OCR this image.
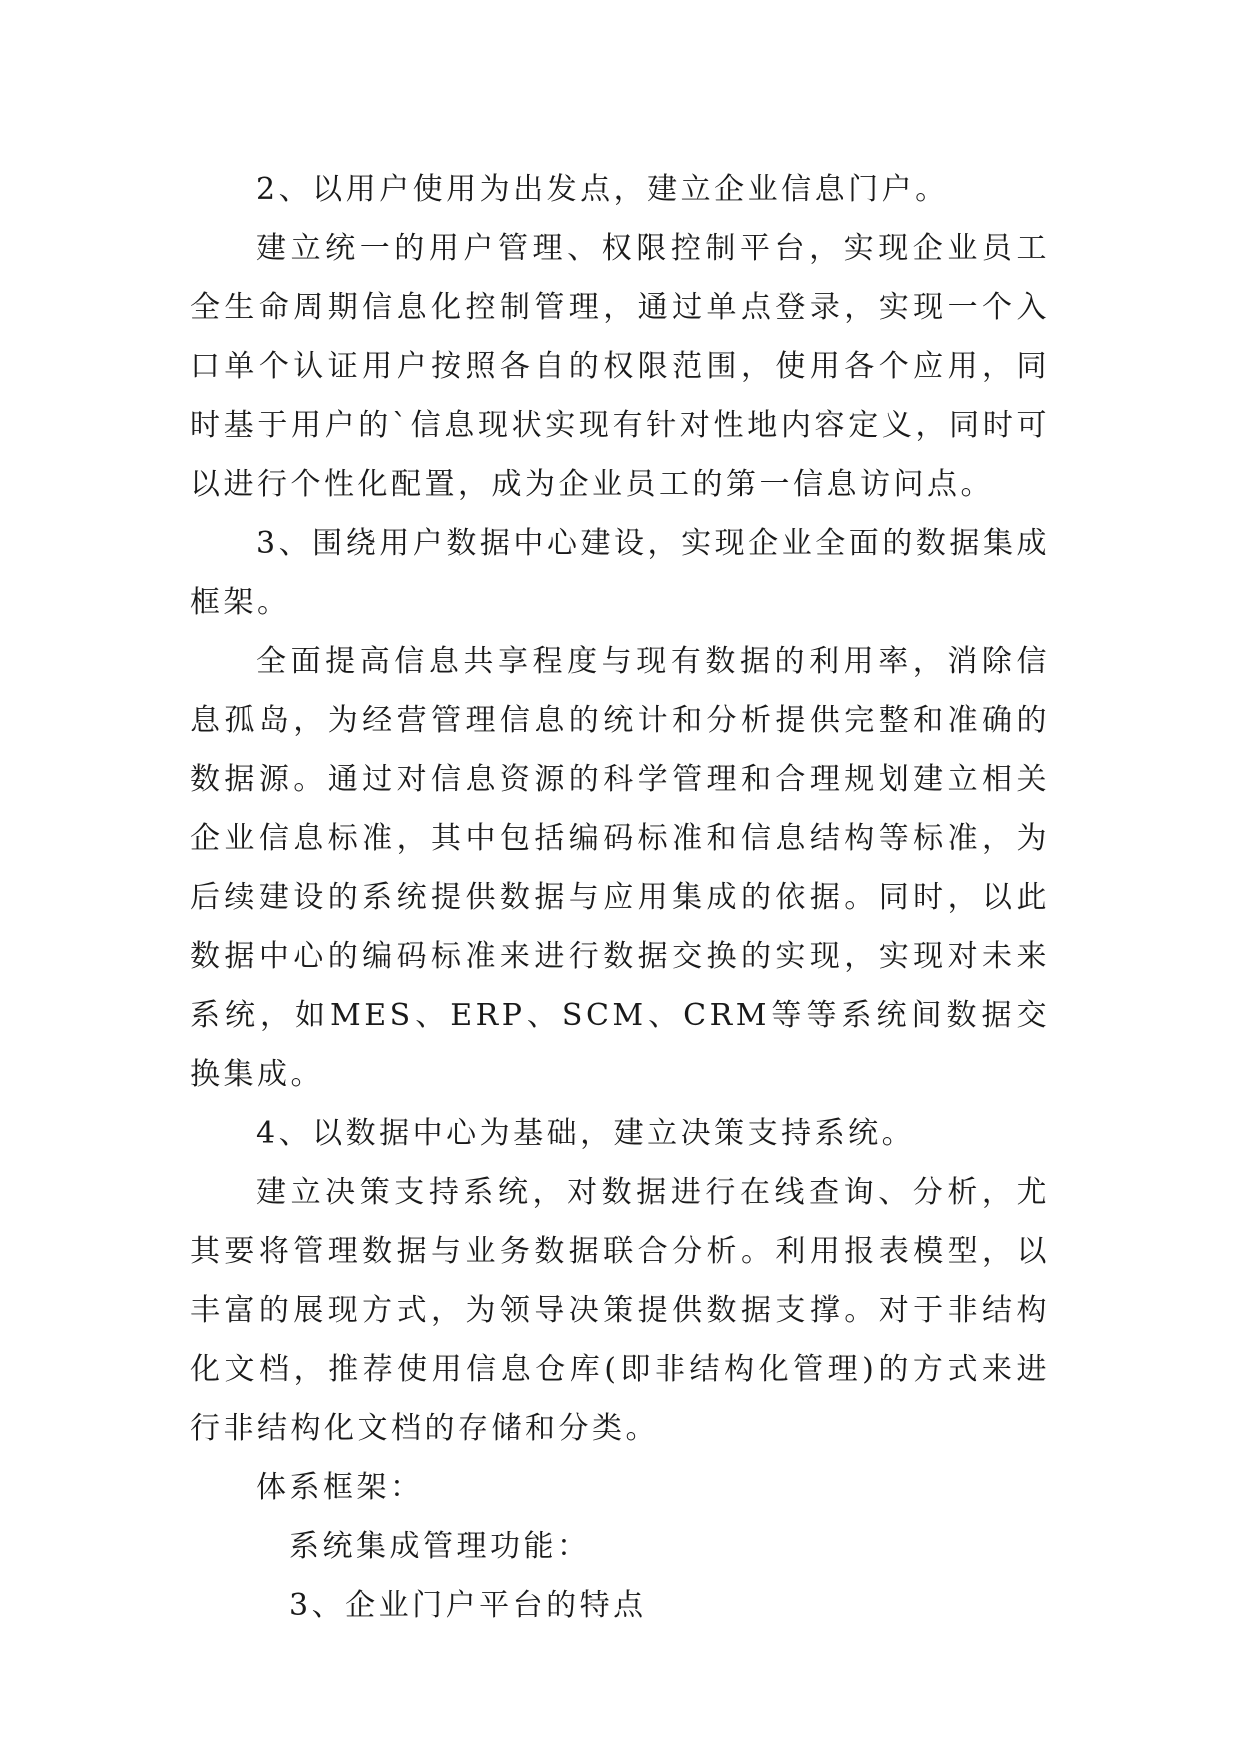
2、以用户使用为出发点，建立企业信息门户。

建立统一的用户管理、权限控制平台，实现企业员工全生命周期信息化控制管理，通过单点登录，实现一个入口单个认证用户按照各自的权限范围，使用各个应用，同时基于用户的`信息现状实现有针对性地内容定义，同时可以进行个性化配置，成为企业员工的第一信息访问点。

3、围绕用户数据中心建设，实现企业全面的数据集成框架。

全面提高信息共享程度与现有数据的利用率，消除信息孤岛，为经营管理信息的统计和分析提供完整和准确的数据源。通过对信息资源的科学管理和合理规划建立相关企业信息标准，其中包括编码标准和信息结构等标准，为后续建设的系统提供数据与应用集成的依据。同时，以此数据中心的编码标准来进行数据交换的实现，实现对未来系统，如MES、ERP、SCM、CRM等等系统间数据交换集成。

4、以数据中心为基础，建立决策支持系统。

建立决策支持系统，对数据进行在线查询、分析，尤其要将管理数据与业务数据联合分析。利用报表模型，以丰富的展现方式，为领导决策提供数据支撑。对于非结构化文档，推荐使用信息仓库(即非结构化管理)的方式来进行非结构化文档的存储和分类。

体系框架：

系统集成管理功能：

3、企业门户平台的特点
